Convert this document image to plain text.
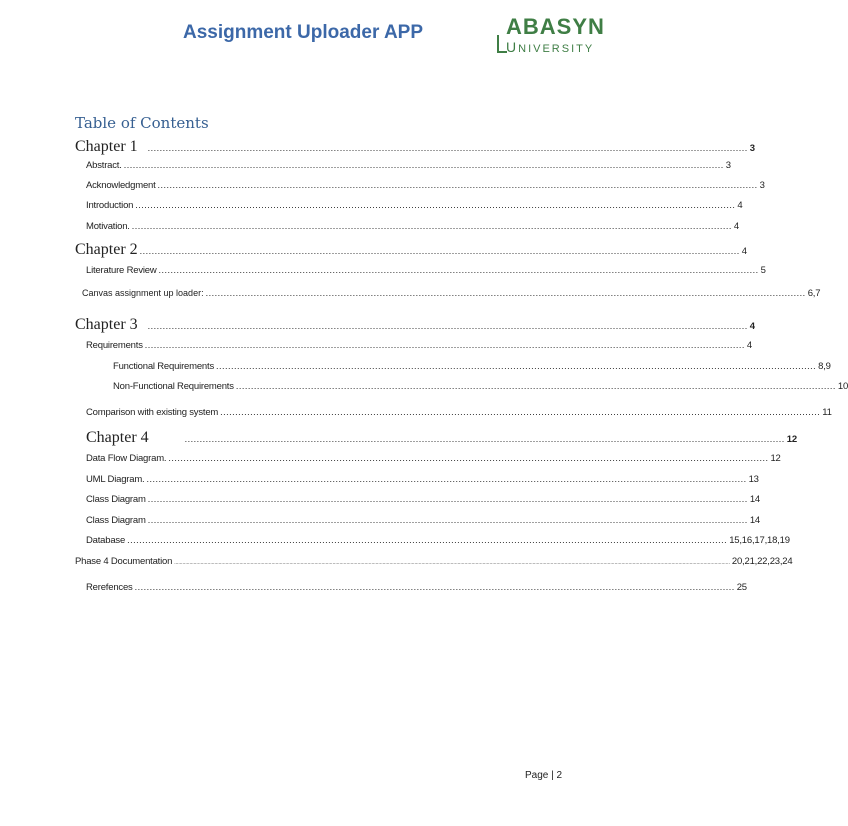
Assignment Uploader APP	ABASYN
UNIVERSITY
Table of Contents
Chapter 1 ........................................................................................................................................................................................................ 3
Abstract. ........................................................................................................................................................................................................ 3
Acknowledgment ........................................................................................................................................................................................................ 3
Introduction ........................................................................................................................................................................................................ 4
Motivation. ........................................................................................................................................................................................................ 4
Chapter 2 ........................................................................................................................................................................................................ 4
Literature Review ........................................................................................................................................................................................................ 5
Canvas assignment up loader: ........................................................................................................................................................................................................ 6,7
Chapter 3 ........................................................................................................................................................................................................ 4
Requirements ........................................................................................................................................................................................................ 4
Functional Requirements ........................................................................................................................................................................................................ 8,9
Non-Functional Requirements ........................................................................................................................................................................................................ 10
Comparison with existing system ........................................................................................................................................................................................................ 11
Chapter 4	........................................................................................................................................................................................................ 12
Data Flow Diagram. ........................................................................................................................................................................................................ 12
UML Diagram. ........................................................................................................................................................................................................ 13
Class Diagram ........................................................................................................................................................................................................ 14
Class Diagram ........................................................................................................................................................................................................ 14
Database ........................................................................................................................................................................................................ 15,16,17,18,19
Phase 4 Documentation ................................................................................................................................................................................................................................................................................................................................................................................................................ 20,21,22,23,24
Rerefences ........................................................................................................................................................................................................ 25
Page | 2
